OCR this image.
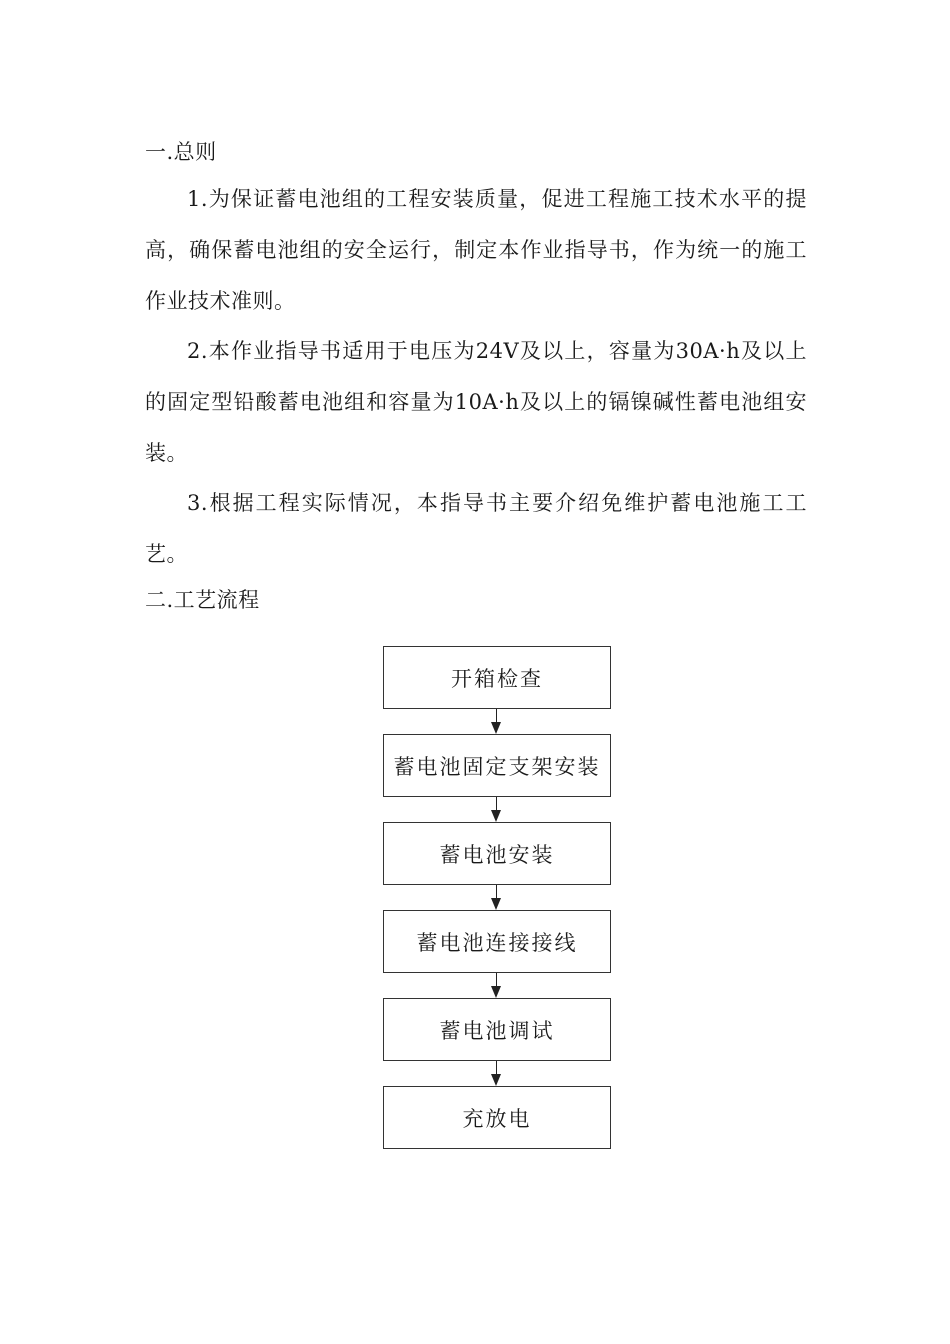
一.总则

1.为保证蓄电池组的工程安装质量，促进工程施工技术水平的提高，确保蓄电池组的安全运行，制定本作业指导书，作为统一的施工作业技术准则。

2.本作业指导书适用于电压为24V及以上，容量为30A·h及以上的固定型铅酸蓄电池组和容量为10A·h及以上的镉镍碱性蓄电池组安装。

3.根据工程实际情况，本指导书主要介绍免维护蓄电池施工工艺。

二.工艺流程
开箱检查
蓄电池固定支架安装
蓄电池安装
蓄电池连接接线
蓄电池调试
充放电
